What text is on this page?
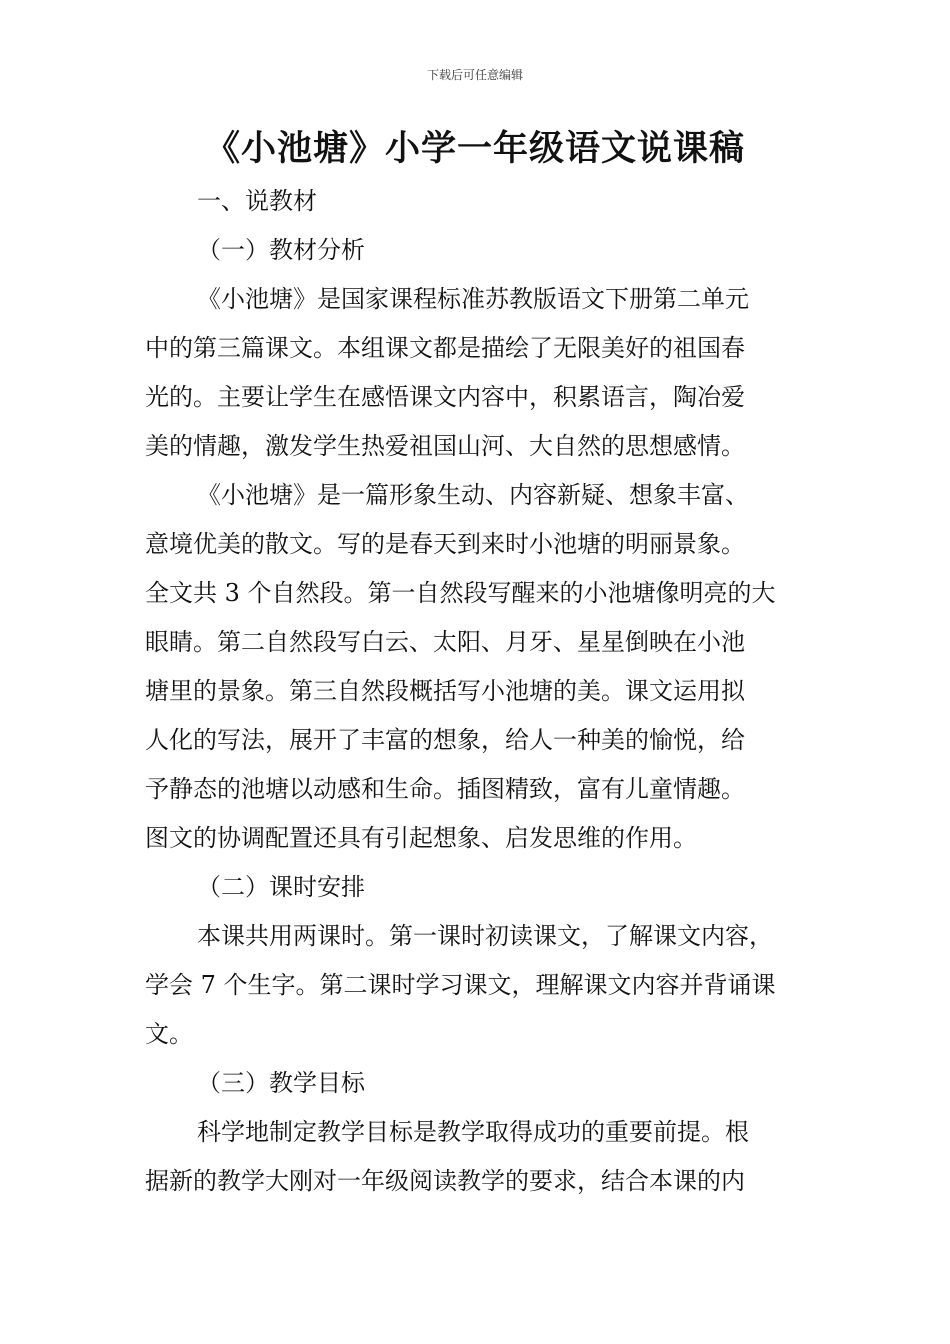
下载后可任意编辑
《小池塘》小学一年级语文说课稿

一、说教材

（一）教材分析

《小池塘》是国家课程标准苏教版语文下册第二单元

中的第三篇课文。本组课文都是描绘了无限美好的祖国春

光的。主要让学生在感悟课文内容中，积累语言，陶冶爱

美的情趣，激发学生热爱祖国山河、大自然的思想感情。

《小池塘》是一篇形象生动、内容新疑、想象丰富、

意境优美的散文。写的是春天到来时小池塘的明丽景象。

全文共 3 个自然段。第一自然段写醒来的小池塘像明亮的大

眼睛。第二自然段写白云、太阳、月牙、星星倒映在小池

塘里的景象。第三自然段概括写小池塘的美。课文运用拟

人化的写法，展开了丰富的想象，给人一种美的愉悦，给

予静态的池塘以动感和生命。插图精致，富有儿童情趣。

图文的协调配置还具有引起想象、启发思维的作用。

（二）课时安排

本课共用两课时。第一课时初读课文，了解课文内容，

学会 7 个生字。第二课时学习课文，理解课文内容并背诵课

文。

（三）教学目标

科学地制定教学目标是教学取得成功的重要前提。根

据新的教学大刚对一年级阅读教学的要求，结合本课的内
